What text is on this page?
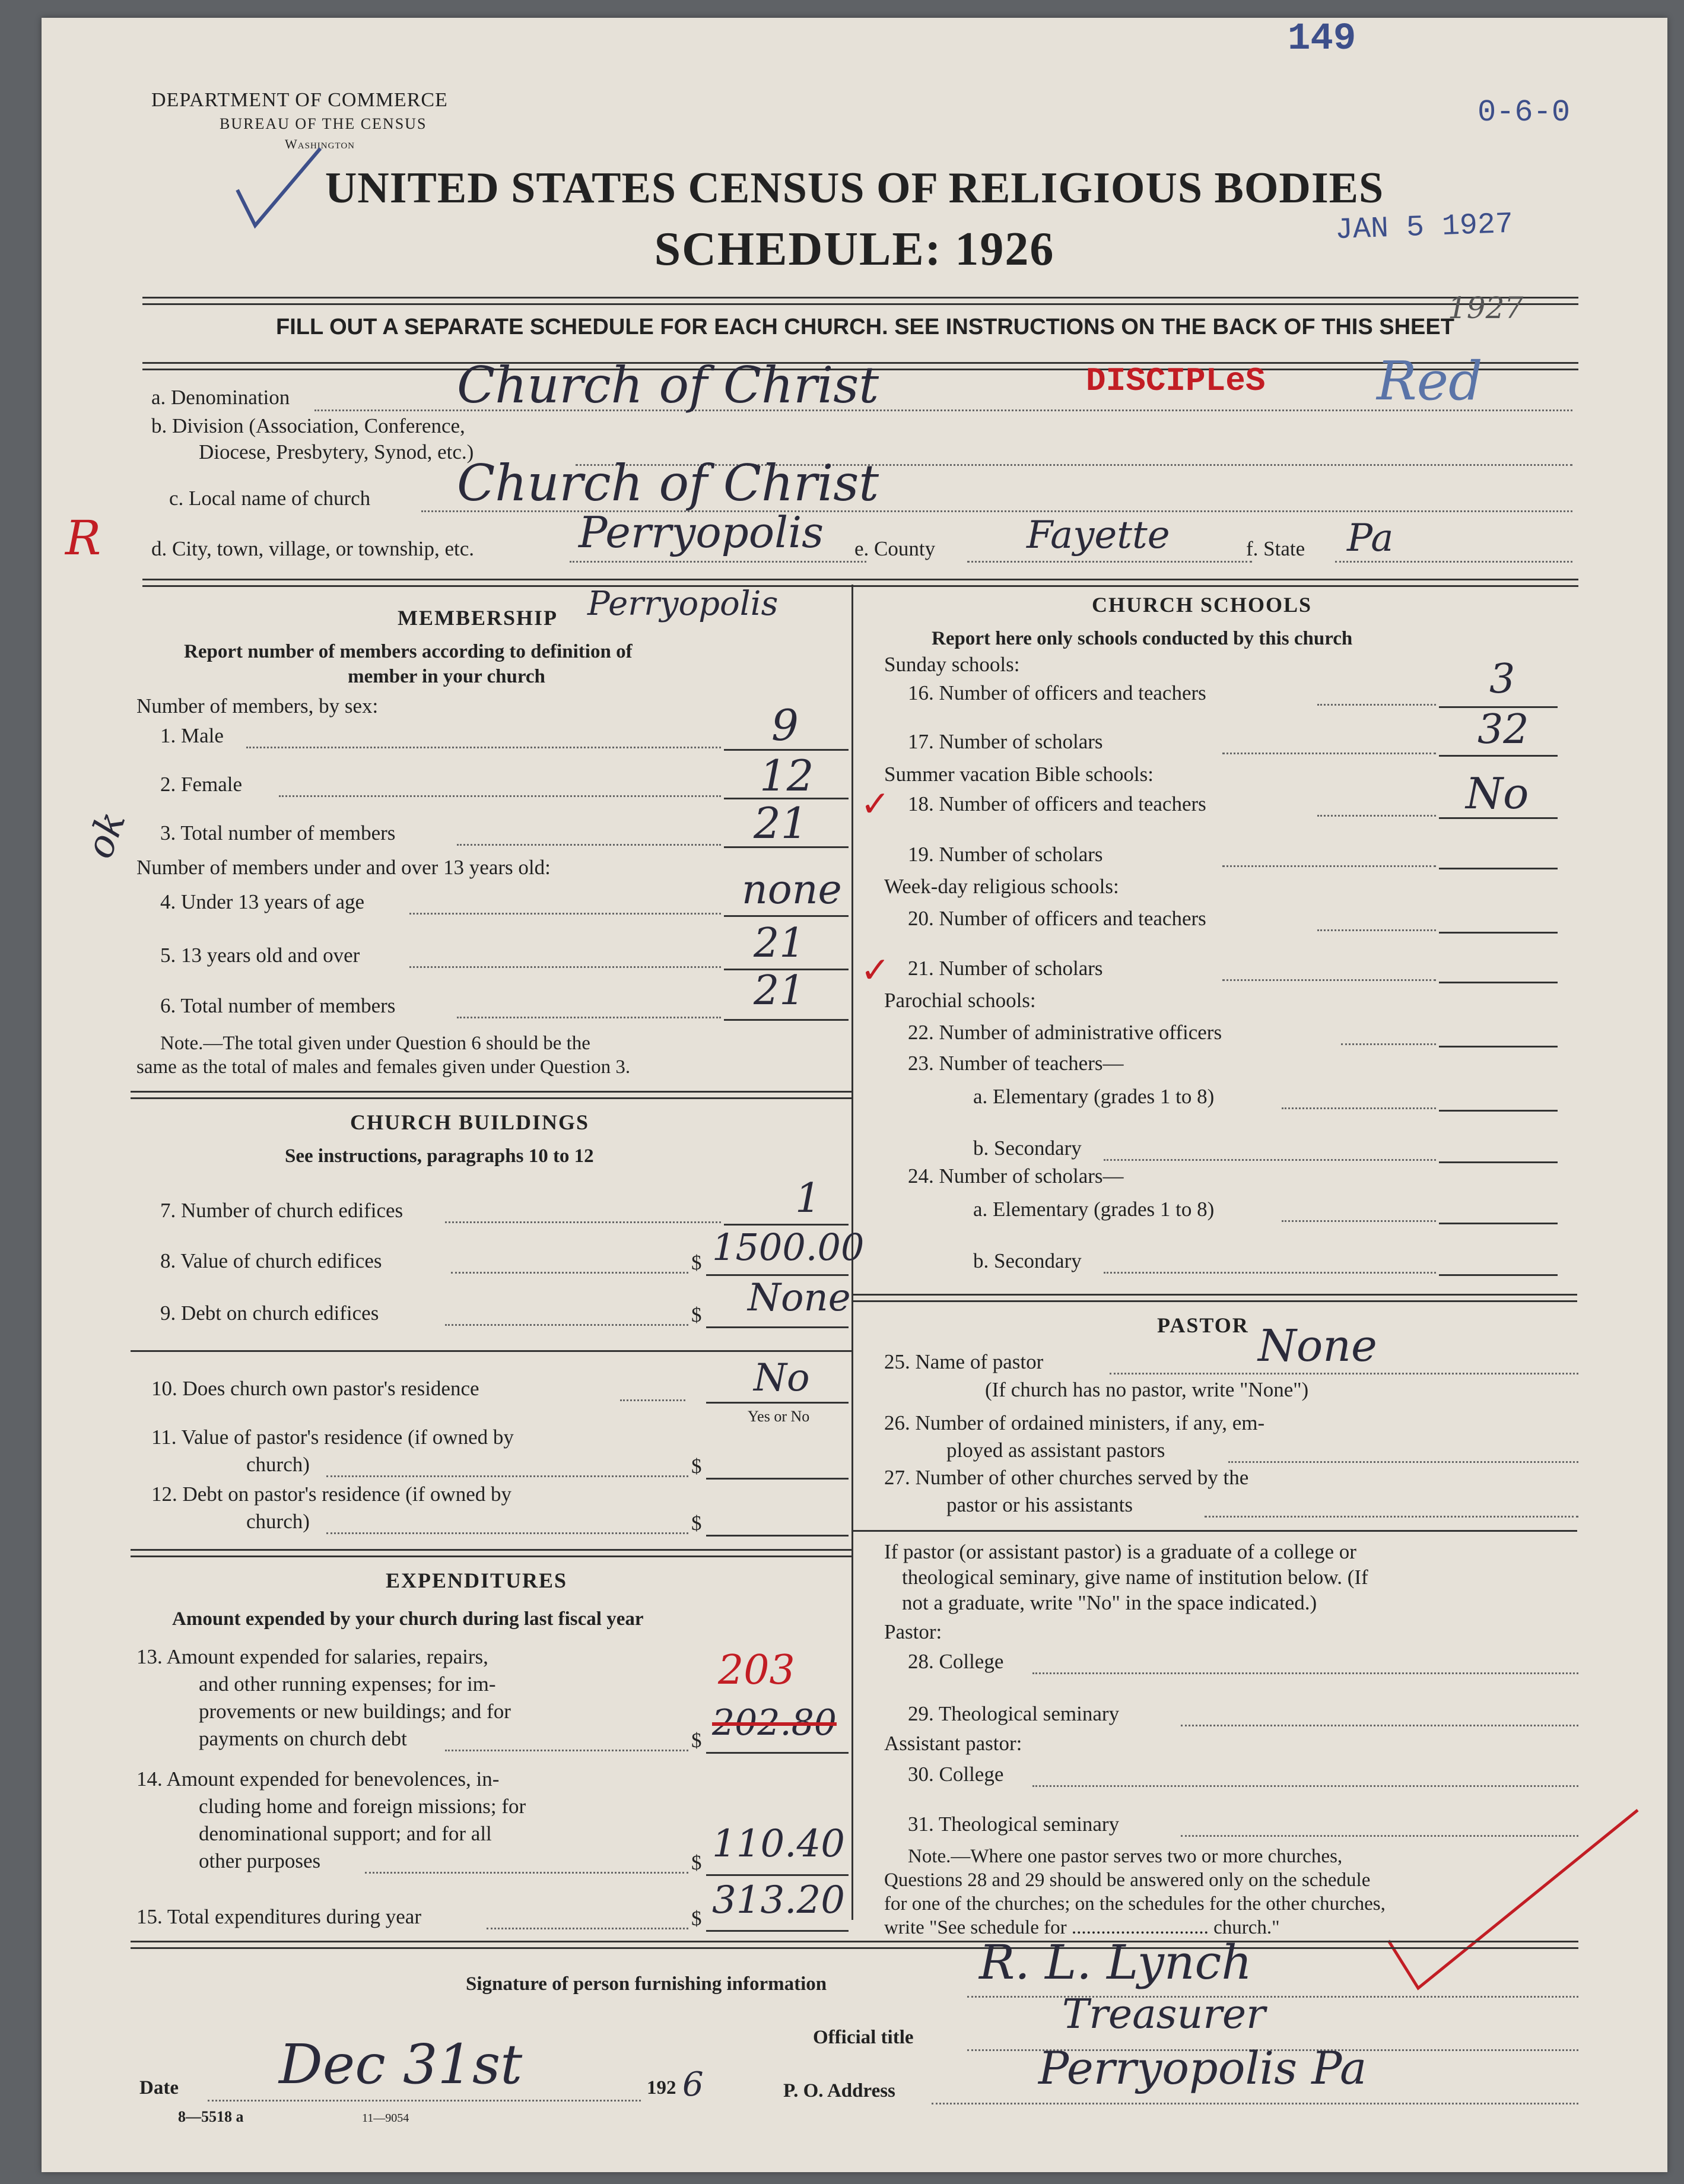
149
0-6-0
DEPARTMENT OF COMMERCE
BUREAU OF THE CENSUS
Washington
UNITED STATES CENSUS OF RELIGIOUS BODIES
SCHEDULE: 1926	JAN 5 1927
FILL OUT A SEPARATE SCHEDULE FOR EACH CHURCH. SEE INSTRUCTIONS ON THE BACK OF THIS SHEET
1927
a. Denomination	Church of Christ	DISCIPLeS Red
b. Division (Association, Conference,
Diocese, Presbytery, Synod, etc.)
c. Local name of church Church of Christ
R
ok
d. City, town, village, or township, etc. Perryopolis e. County Fayette	f. State Pa
MEMBERSHIP Perryopolis
Report number of members according to definition of
member in your church
Number of members, by sex:
1. Male	9
2. Female	12
3. Total number of members	21 ✓
Number of members under and over 13 years old:
4. Under 13 years of age	none
5. 13 years old and over	21
6. Total number of members	21 ✓
Note.—The total given under Question 6 should be the
same as the total of males and females given under Question 3.
CHURCH BUILDINGS
See instructions, paragraphs 10 to 12
7. Number of church edifices	1
8. Value of church edifices	$ 1500.00
9. Debt on church edifices	$ None
10. Does church own pastor's residence	No
Yes or No
11. Value of pastor's residence (if owned by
church)	$
12. Debt on pastor's residence (if owned by
church)	$
EXPENDITURES
Amount expended by your church during last fiscal year
13. Amount expended for salaries, repairs,
and other running expenses; for im-
provements or new buildings; and for
payments on church debt	$
203
202.80
14. Amount expended for benevolences, in-
cluding home and foreign missions; for
denominational support; and for all
other purposes	$ 110.40
15. Total expenditures during year	$ 313.20
CHURCH SCHOOLS
Report here only schools conducted by this church
Sunday schools:
16. Number of officers and teachers	3
17. Number of scholars	32
Summer vacation Bible schools:
18. Number of officers and teachers	No
19. Number of scholars
Week-day religious schools:
20. Number of officers and teachers
21. Number of scholars
Parochial schools:
22. Number of administrative officers
23. Number of teachers—
a. Elementary (grades 1 to 8)
b. Secondary
24. Number of scholars—
a. Elementary (grades 1 to 8)
b. Secondary
PASTOR
25. Name of pastor	None
(If church has no pastor, write "None")
26. Number of ordained ministers, if any, em-
ployed as assistant pastors
27. Number of other churches served by the
pastor or his assistants
If pastor (or assistant pastor) is a graduate of a college or
theological seminary, give name of institution below. (If
not a graduate, write "No" in the space indicated.)
Pastor:
28. College
29. Theological seminary
Assistant pastor:
30. College
31. Theological seminary
Note.—Where one pastor serves two or more churches,
Questions 28 and 29 should be answered only on the schedule
for one of the churches; on the schedules for the other churches,
write "See schedule for ............................ church."
Signature of person furnishing information	R. L. Lynch
Official title	Treasurer
Date Dec 31st	192 6	P. O. Address	Perryopolis Pa
8—5518 a	11—9054
